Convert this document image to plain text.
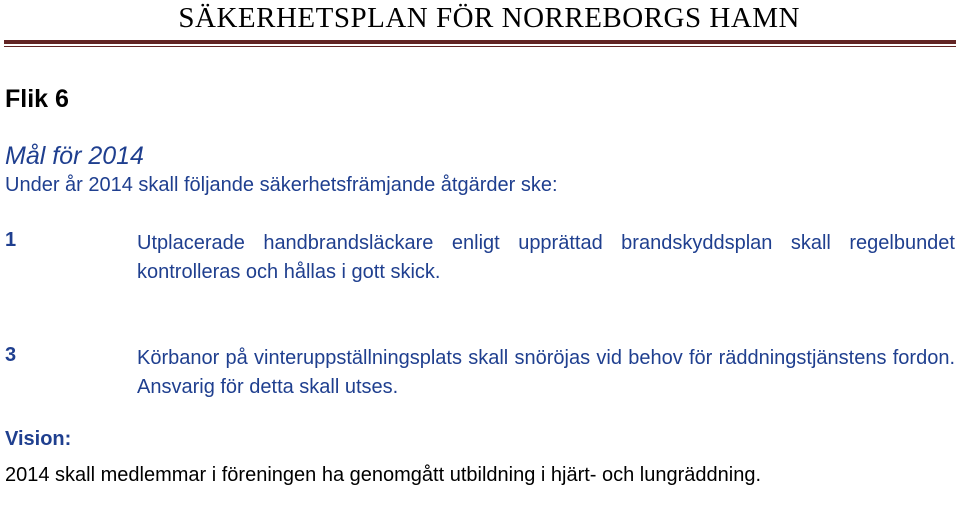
SÄKERHETSPLAN FÖR NORREBORGS HAMN
Flik 6
Mål för 2014
Under år 2014 skall följande säkerhetsfrämjande åtgärder ske:
1	Utplacerade handbrandsläckare enligt upprättad brandskyddsplan skall regelbundet kontrolleras och hållas i gott skick.
3	Körbanor på vinteruppställningsplats skall snöröjas vid behov för räddningstjänstens fordon. Ansvarig för detta skall utses.
Vision:
2014 skall medlemmar i föreningen ha genomgått utbildning i hjärt- och lungräddning.
